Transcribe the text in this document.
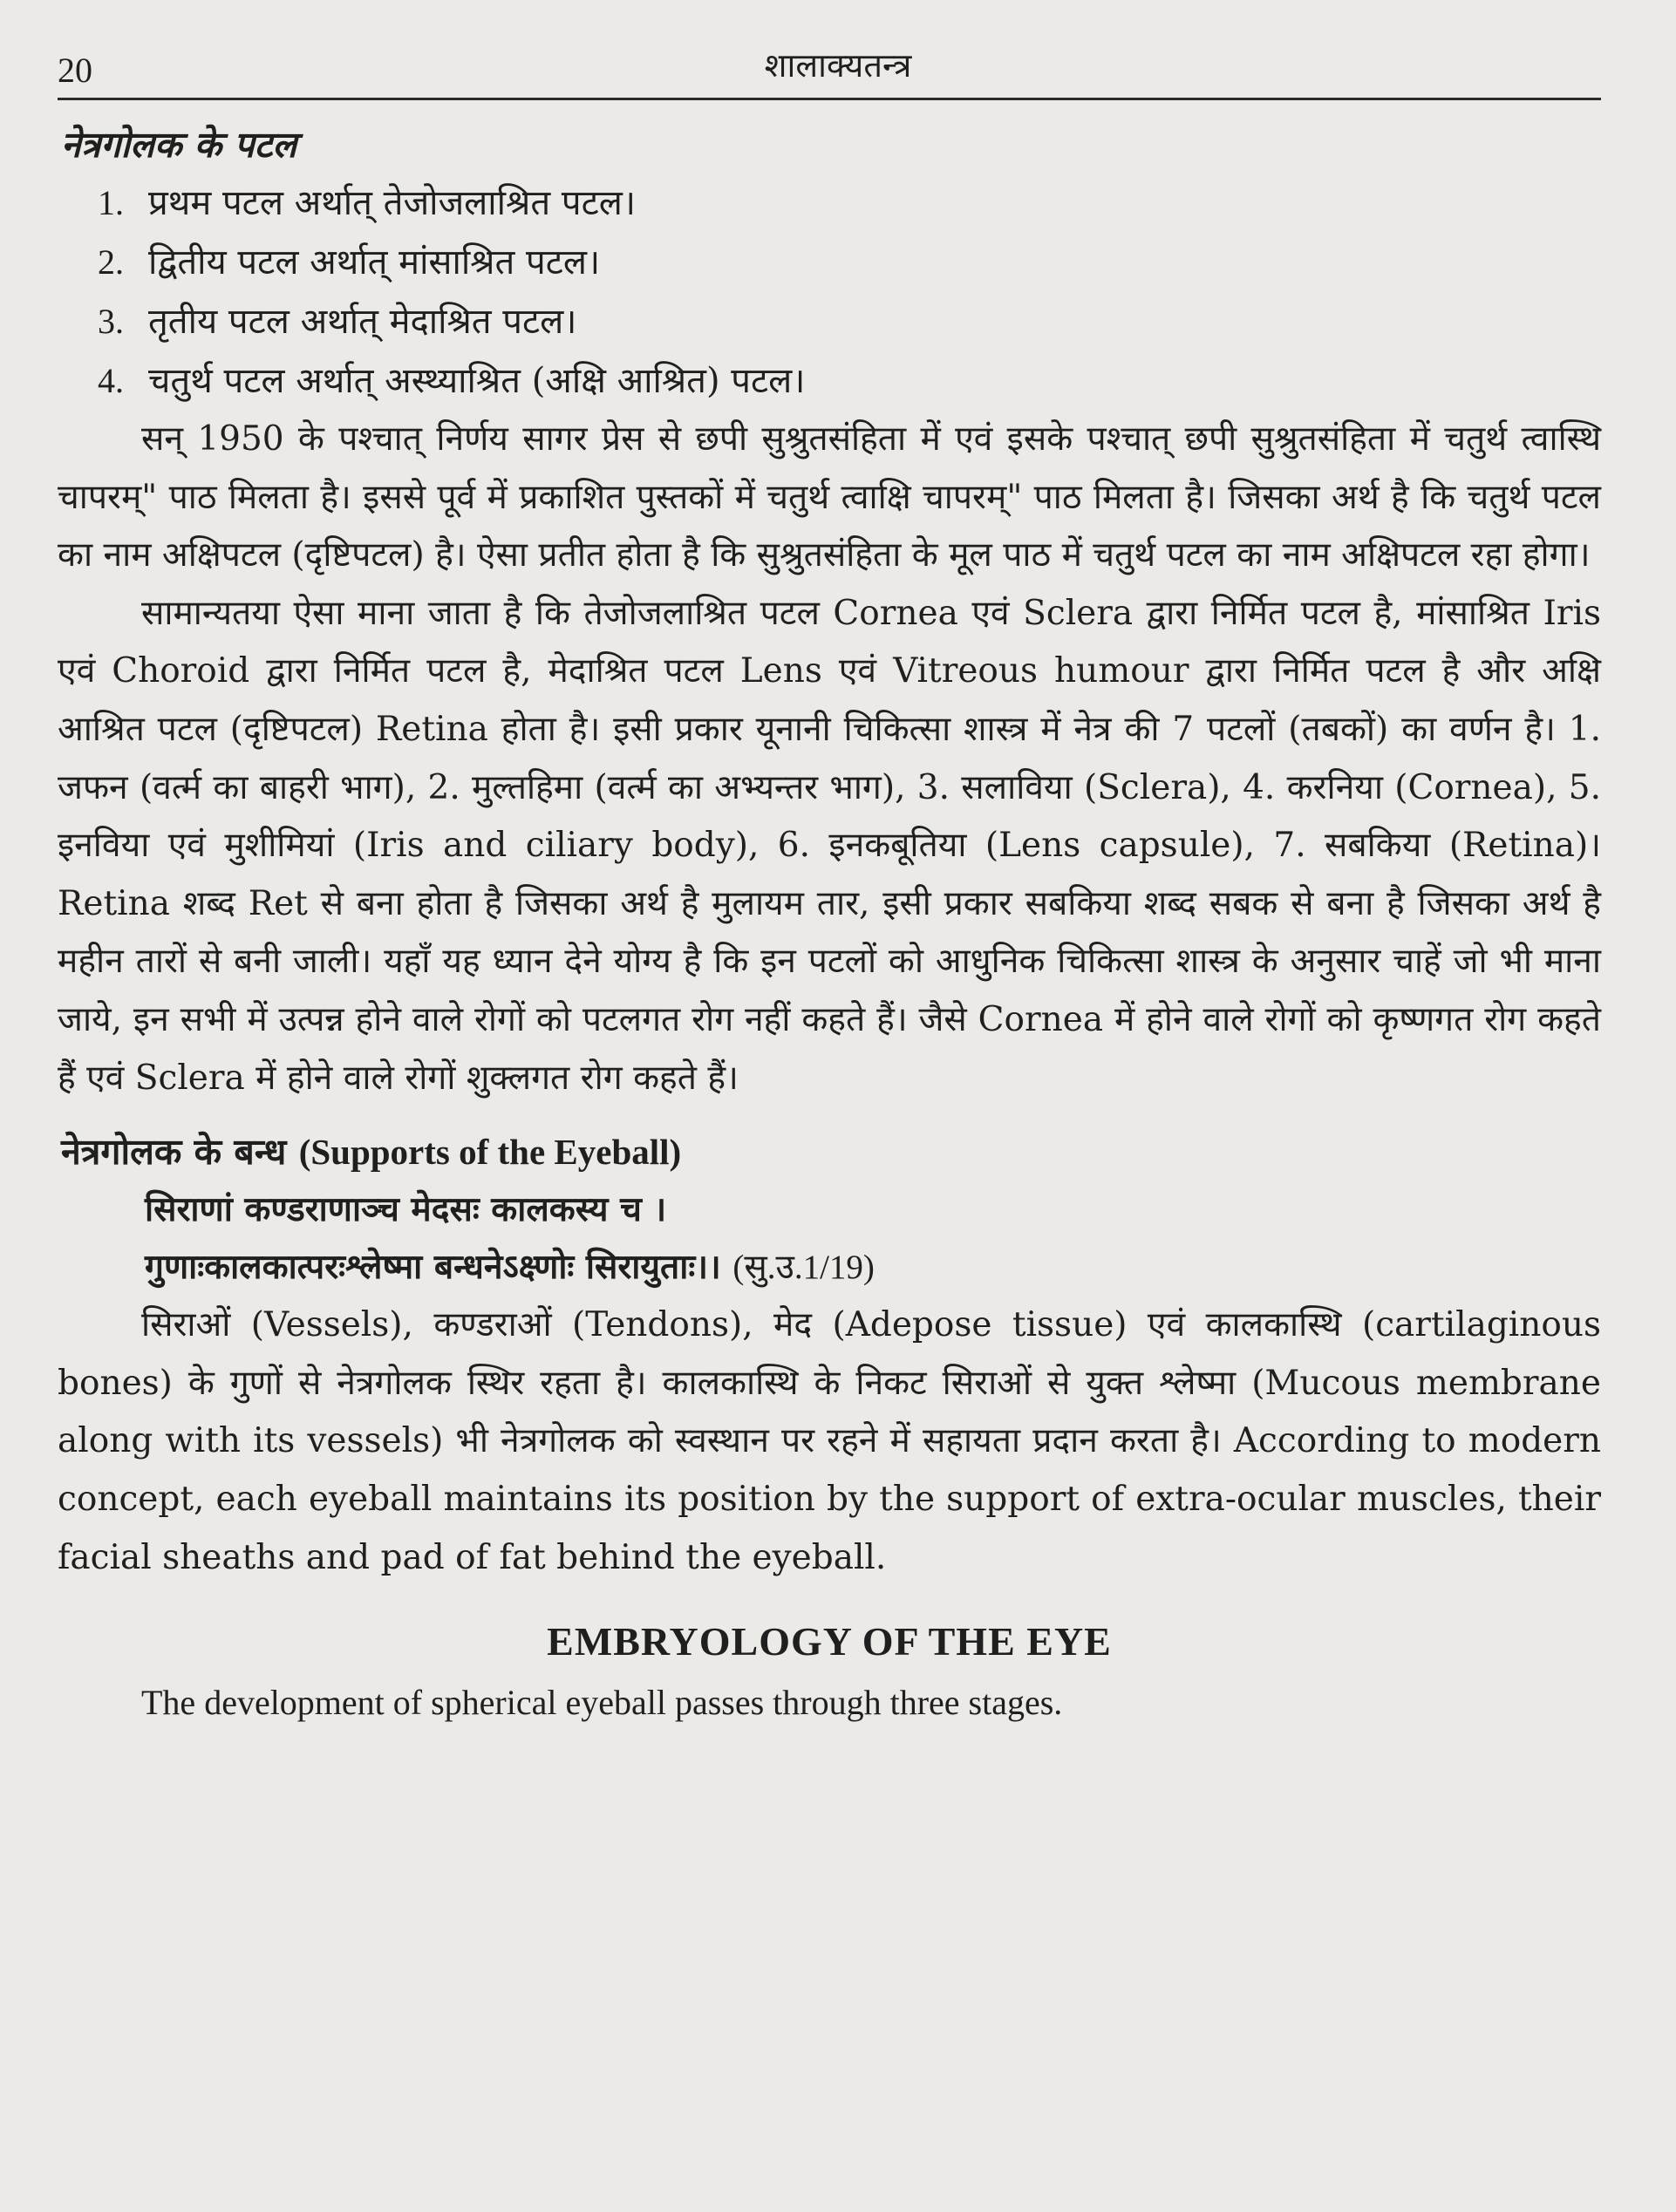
20	शालाक्यतन्त्र
नेत्रगोलक के पटल
1. प्रथम पटल अर्थात् तेजोजलाश्रित पटल।
2. द्वितीय पटल अर्थात् मांसाश्रित पटल।
3. तृतीय पटल अर्थात् मेदाश्रित पटल।
4. चतुर्थ पटल अर्थात् अस्थ्याश्रित (अक्षि आश्रित) पटल।

सन् 1950 के पश्चात् निर्णय सागर प्रेस से छपी सुश्रुतसंहिता में एवं इसके पश्चात् छपी सुश्रुतसंहिता में चतुर्थ त्वास्थि चापरम्" पाठ मिलता है। इससे पूर्व में प्रकाशित पुस्तकों में चतुर्थ त्वाक्षि चापरम्" पाठ मिलता है। जिसका अर्थ है कि चतुर्थ पटल का नाम अक्षिपटल (दृष्टिपटल) है। ऐसा प्रतीत होता है कि सुश्रुतसंहिता के मूल पाठ में चतुर्थ पटल का नाम अक्षिपटल रहा होगा।

सामान्यतया ऐसा माना जाता है कि तेजोजलाश्रित पटल Cornea एवं Sclera द्वारा निर्मित पटल है, मांसाश्रित Iris एवं Choroid द्वारा निर्मित पटल है, मेदाश्रित पटल Lens एवं Vitreous humour द्वारा निर्मित पटल है और अक्षि आश्रित पटल (दृष्टिपटल) Retina होता है। इसी प्रकार यूनानी चिकित्सा शास्त्र में नेत्र की 7 पटलों (तबकों) का वर्णन है। 1. जफन (वर्त्म का बाहरी भाग), 2. मुल्तहिमा (वर्त्म का अभ्यन्तर भाग), 3. सलाविया (Sclera), 4. करनिया (Cornea), 5. इनविया एवं मुशीमियां (Iris and ciliary body), 6. इनकबूतिया (Lens capsule), 7. सबकिया (Retina)। Retina शब्द Ret से बना होता है जिसका अर्थ है मुलायम तार, इसी प्रकार सबकिया शब्द सबक से बना है जिसका अर्थ है महीन तारों से बनी जाली। यहाँ यह ध्यान देने योग्य है कि इन पटलों को आधुनिक चिकित्सा शास्त्र के अनुसार चाहें जो भी माना जाये, इन सभी में उत्पन्न होने वाले रोगों को पटलगत रोग नहीं कहते हैं। जैसे Cornea में होने वाले रोगों को कृष्णगत रोग कहते हैं एवं Sclera में होने वाले रोगों शुक्लगत रोग कहते हैं।

नेत्रगोलक के बन्ध (Supports of the Eyeball)
सिराणां कण्डराणाञ्च मेदसः कालकस्य च ।
गुणाःकालकात्परःश्लेष्मा बन्धनेऽक्ष्णोः सिरायुताः।। (सु.उ.1/19)

सिराओं (Vessels), कण्डराओं (Tendons), मेद (Adepose tissue) एवं कालकास्थि (cartilaginous bones) के गुणों से नेत्रगोलक स्थिर रहता है। कालकास्थि के निकट सिराओं से युक्त श्लेष्मा (Mucous membrane along with its vessels) भी नेत्रगोलक को स्वस्थान पर रहने में सहायता प्रदान करता है। According to modern concept, each eyeball maintains its position by the support of extra-ocular muscles, their facial sheaths and pad of fat behind the eyeball.

EMBRYOLOGY OF THE EYE
The development of spherical eyeball passes through three stages.
